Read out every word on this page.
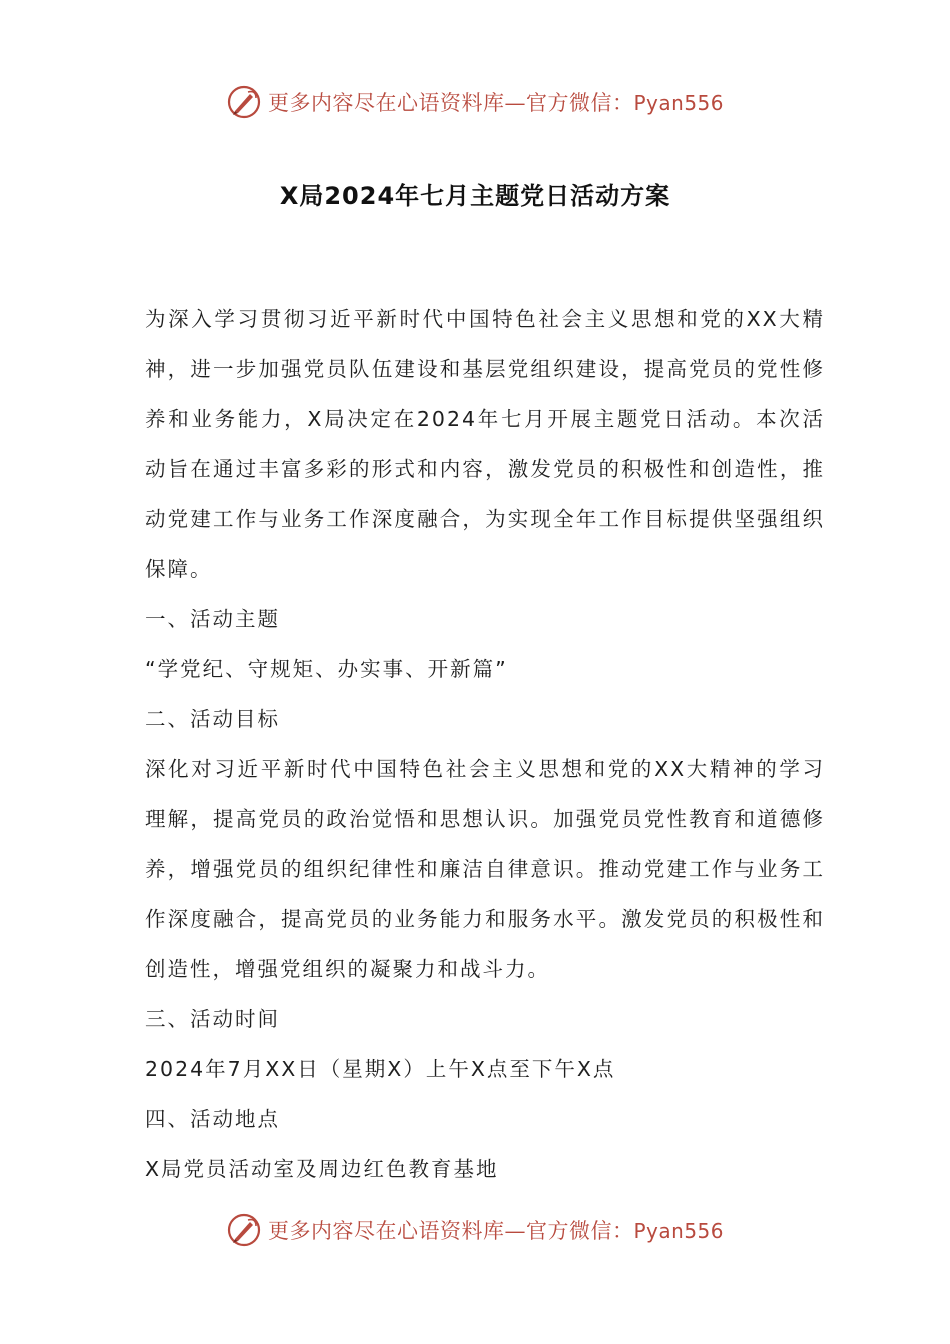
更多内容尽在心语资料库—官方微信：Pyan556
X局2024年七月主题党日活动方案

为深入学习贯彻习近平新时代中国特色社会主义思想和党的XX大精神，进一步加强党员队伍建设和基层党组织建设，提高党员的党性修养和业务能力，X局决定在2024年七月开展主题党日活动。本次活动旨在通过丰富多彩的形式和内容，激发党员的积极性和创造性，推动党建工作与业务工作深度融合，为实现全年工作目标提供坚强组织保障。

一、活动主题

“学党纪、守规矩、办实事、开新篇”

二、活动目标

深化对习近平新时代中国特色社会主义思想和党的XX大精神的学习理解，提高党员的政治觉悟和思想认识。加强党员党性教育和道德修养，增强党员的组织纪律性和廉洁自律意识。推动党建工作与业务工作深度融合，提高党员的业务能力和服务水平。激发党员的积极性和创造性，增强党组织的凝聚力和战斗力。

三、活动时间

2024年7月XX日（星期X）上午X点至下午X点

四、活动地点

X局党员活动室及周边红色教育基地

更多内容尽在心语资料库—官方微信：Pyan556
